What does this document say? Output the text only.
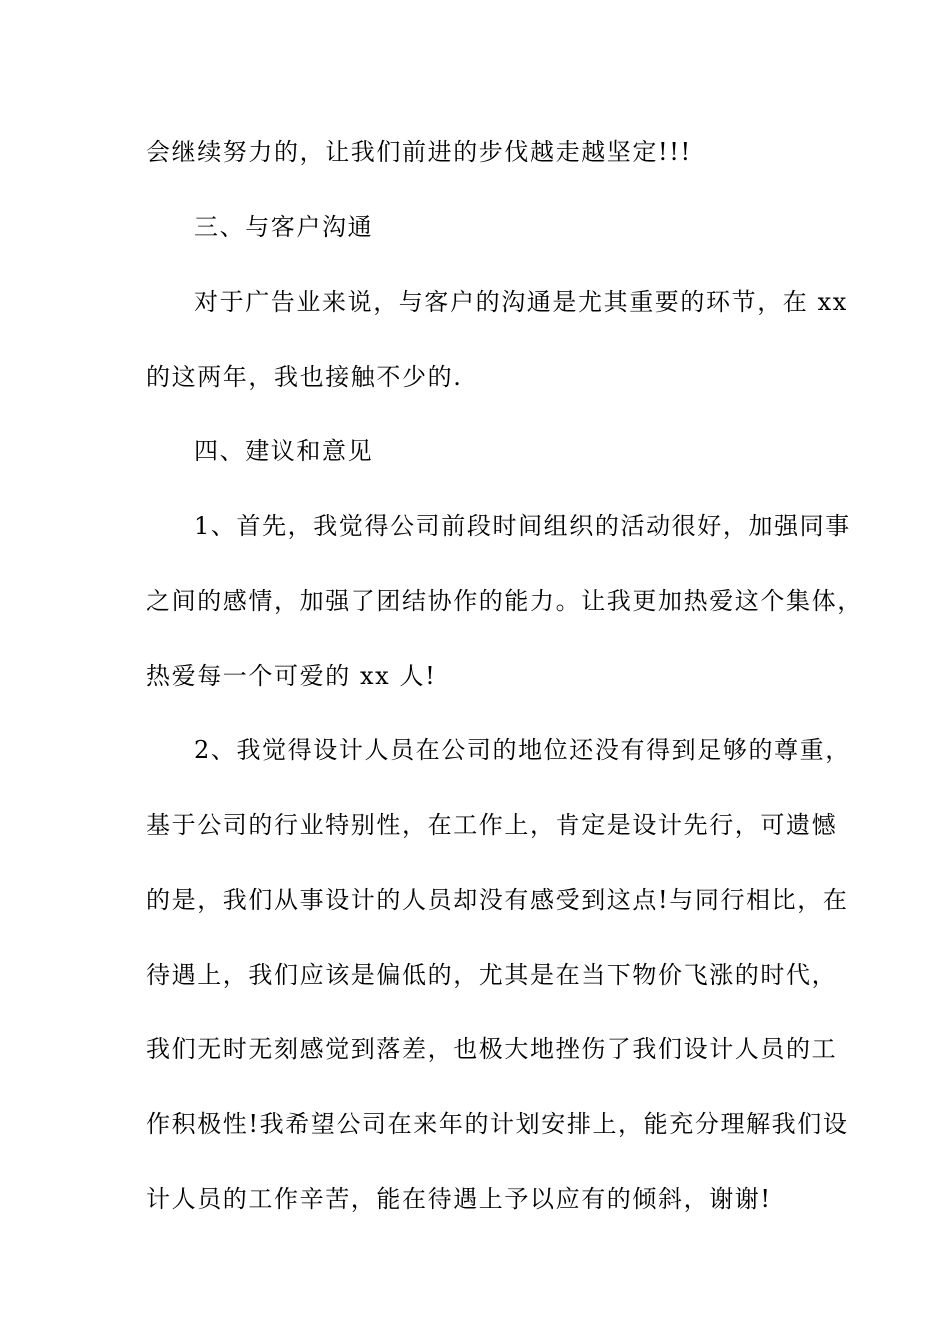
会继续努力的，让我们前进的步伐越走越坚定!!!
三、与客户沟通
对于广告业来说，与客户的沟通是尤其重要的环节，在 xx
的这两年，我也接触不少的.
四、建议和意见
1、首先，我觉得公司前段时间组织的活动很好，加强同事
之间的感情，加强了团结协作的能力。让我更加热爱这个集体，
热爱每一个可爱的 xx 人!
2、我觉得设计人员在公司的地位还没有得到足够的尊重，
基于公司的行业特别性，在工作上，肯定是设计先行，可遗憾
的是，我们从事设计的人员却没有感受到这点!与同行相比，在
待遇上，我们应该是偏低的，尤其是在当下物价飞涨的时代，
我们无时无刻感觉到落差，也极大地挫伤了我们设计人员的工
作积极性!我希望公司在来年的计划安排上，能充分理解我们设
计人员的工作辛苦，能在待遇上予以应有的倾斜，谢谢!
